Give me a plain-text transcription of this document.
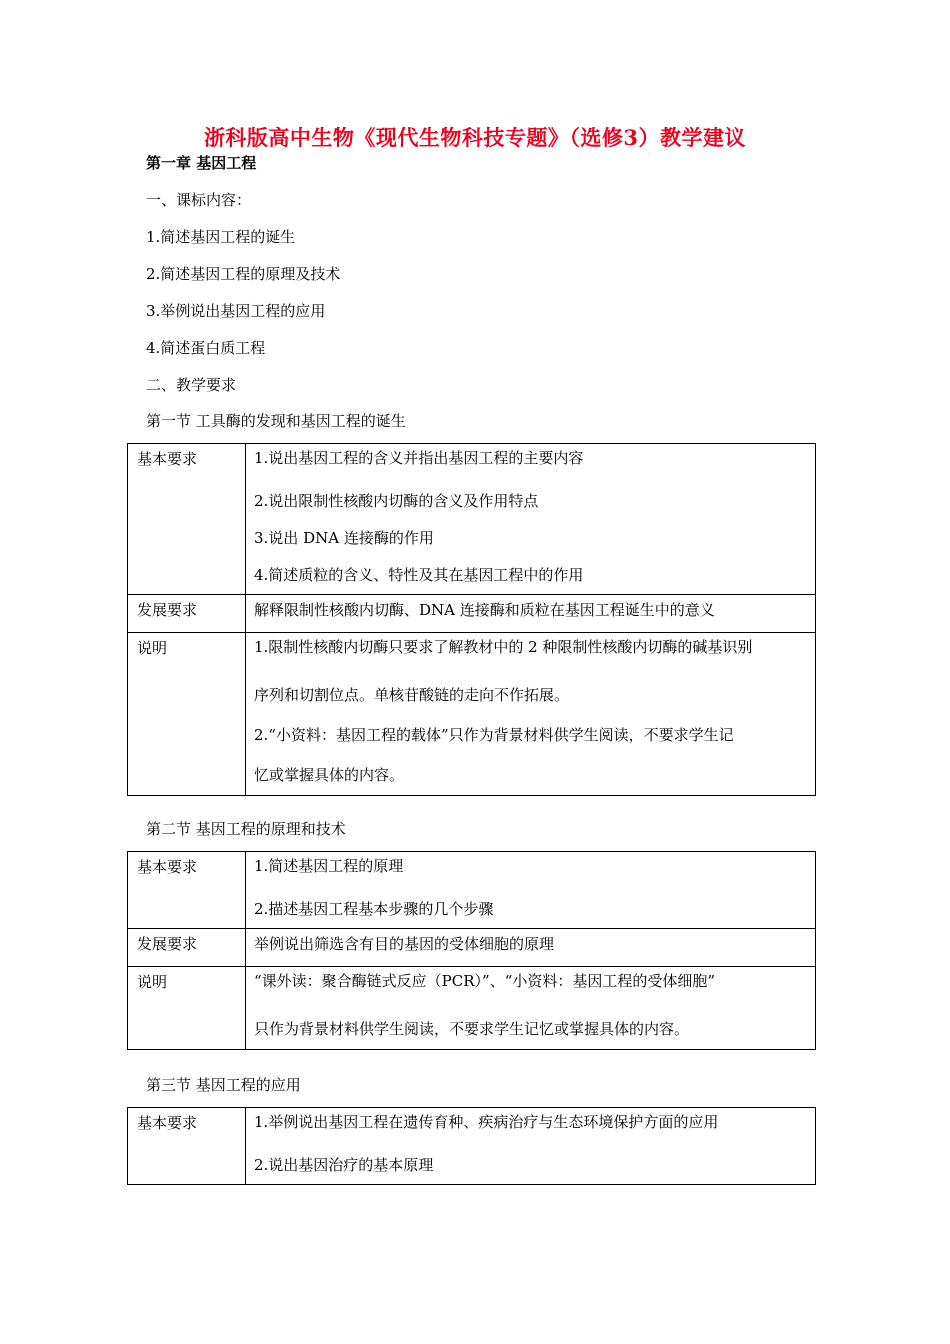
浙科版高中生物《现代生物科技专题》（选修3）教学建议
第一章 基因工程
一、课标内容：
1.简述基因工程的诞生
2.简述基因工程的原理及技术
3.举例说出基因工程的应用
4.简述蛋白质工程
二、教学要求
第一节 工具酶的发现和基因工程的诞生
基本要求	1.说出基因工程的含义并指出基因工程的主要内容
2.说出限制性核酸内切酶的含义及作用特点
3.说出 DNA 连接酶的作用
4.简述质粒的含义、特性及其在基因工程中的作用

发展要求	解释限制性核酸内切酶、DNA 连接酶和质粒在基因工程诞生中的意义
说明	1.限制性核酸内切酶只要求了解教材中的 2 种限制性核酸内切酶的碱基识别
序列和切割位点。单核苷酸链的走向不作拓展。
2.“小资料：基因工程的载体”只作为背景材料供学生阅读，不要求学生记
忆或掌握具体的内容。
第二节 基因工程的原理和技术
基本要求	1.简述基因工程的原理
2.描述基因工程基本步骤的几个步骤

发展要求	举例说出筛选含有目的基因的受体细胞的原理
说明	“课外读：聚合酶链式反应（PCR）”、“小资料：基因工程的受体细胞”
只作为背景材料供学生阅读，不要求学生记忆或掌握具体的内容。
第三节 基因工程的应用
基本要求	1.举例说出基因工程在遗传育种、疾病治疗与生态环境保护方面的应用
2.说出基因治疗的基本原理
